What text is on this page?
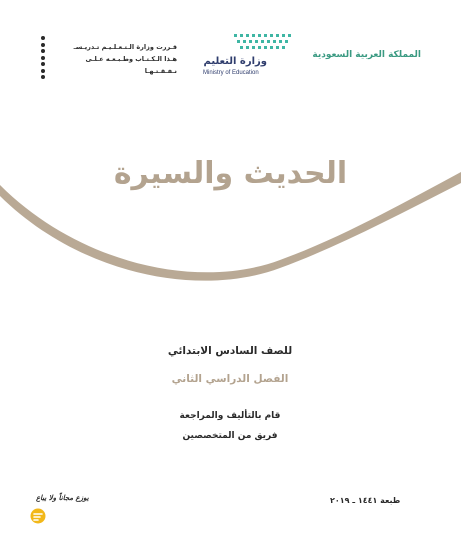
المملكة العربية السعودية
وزارة التعليم
Ministry of Education
قـررت وزارة الـتـعـلـيـم تـدريـسـ
هـذا الـكـتـاب وطـبـعـه عـلـى نـفـقـتـهـا
الحديث والسيرة
للصف السادس الابتدائي
الفصل الدراسي الثاني
قام بالتأليف والمراجعة
فريق من المتخصصين
طبعة ١٤٤١ ـ ٢٠١٩
يوزع مجاناً ولا يباع
